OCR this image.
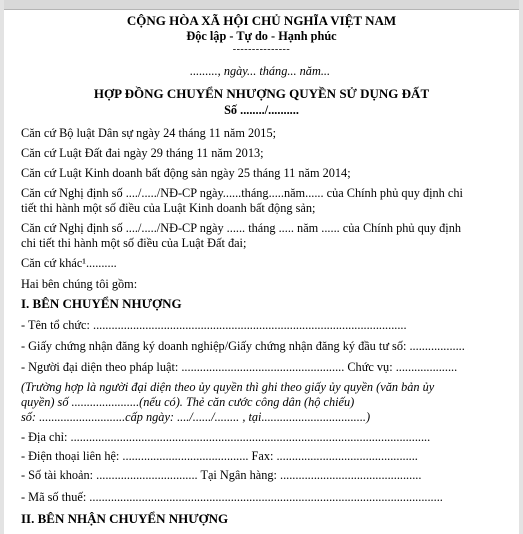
CỘNG HÒA XÃ HỘI CHỦ NGHĨA VIỆT NAM
Độc lập - Tự do - Hạnh phúc
---------------
........., ngày... tháng... năm...
HỢP ĐỒNG CHUYỂN NHƯỢNG QUYỀN SỬ DỤNG ĐẤT
Số ......../..........
Căn cứ Bộ luật Dân sự ngày 24 tháng 11 năm 2015;
Căn cứ Luật Đất đai ngày 29 tháng 11 năm 2013;
Căn cứ Luật Kinh doanh bất động sản ngày 25 tháng 11 năm 2014;
Căn cứ Nghị định số ..../...../NĐ-CP ngày......tháng.....năm...... của Chính phủ quy định chi
tiết thi hành một số điều của Luật Kinh doanh bất động sản;
Căn cứ Nghị định số ..../...../NĐ-CP ngày ...... tháng ..... năm ...... của Chính phủ quy định
chi tiết thi hành một số điều của Luật Đất đai;
Căn cứ khác¹..........
Hai bên chúng tôi gồm:
I. BÊN CHUYỂN NHƯỢNG
- Tên tổ chức: ......................................................................................................
- Giấy chứng nhận đăng ký doanh nghiệp/Giấy chứng nhận đăng ký đầu tư số: ..................
- Người đại diện theo pháp luật: ..................................................... Chức vụ: ....................
(Trường hợp là người đại diện theo ủy quyền thì ghi theo giấy ủy quyền (văn bản ủy
quyền) số ......................(nếu có). Thẻ căn cước công dân (hộ chiếu)
số: ............................cấp ngày: ..../....../........ , tại..................................)
- Địa chỉ: .....................................................................................................................
- Điện thoại liên hệ: ......................................... Fax: ..............................................
- Số tài khoản: ................................. Tại Ngân hàng: ..............................................
- Mã số thuế: ...................................................................................................................
II. BÊN NHẬN CHUYỂN NHƯỢNG
